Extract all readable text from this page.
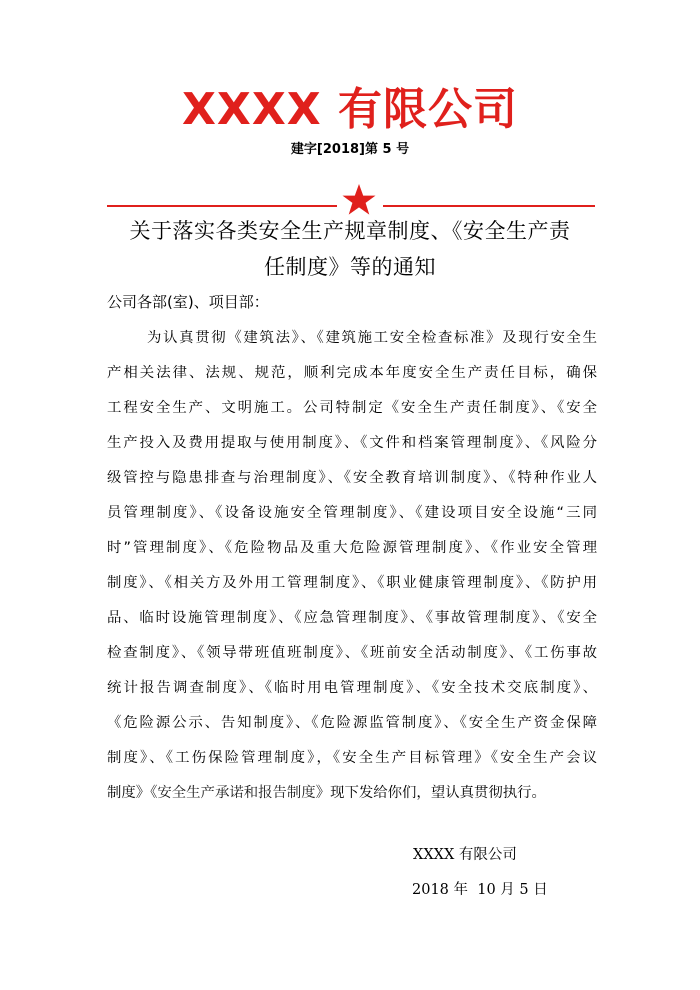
XXXX 有限公司
建字[2018]第 5 号
关于落实各类安全生产规章制度、《安全生产责
任制度》等的通知
公司各部(室)、项目部：
为认真贯彻《建筑法》、《建筑施工安全检查标准》及现行安全生
产相关法律、法规、规范，顺利完成本年度安全生产责任目标，确保
工程安全生产、文明施工。公司特制定《安全生产责任制度》、《安全
生产投入及费用提取与使用制度》、《文件和档案管理制度》、《风险分
级管控与隐患排查与治理制度》、《安全教育培训制度》、《特种作业人
员管理制度》、《设备设施安全管理制度》、《建设项目安全设施“三同
时”管理制度》、《危险物品及重大危险源管理制度》、《作业安全管理
制度》、《相关方及外用工管理制度》、《职业健康管理制度》、《防护用
品、临时设施管理制度》、《应急管理制度》、《事故管理制度》、《安全
检查制度》、《领导带班值班制度》、《班前安全活动制度》、《工伤事故
统计报告调查制度》、《临时用电管理制度》、《安全技术交底制度》、
《危险源公示、告知制度》、《危险源监管制度》、《安全生产资金保障
制度》、《工伤保险管理制度》，《安全生产目标管理》《安全生产会议
制度》《安全生产承诺和报告制度》现下发给你们，望认真贯彻执行。
XXXX 有限公司
2018 年  10 月 5 日
